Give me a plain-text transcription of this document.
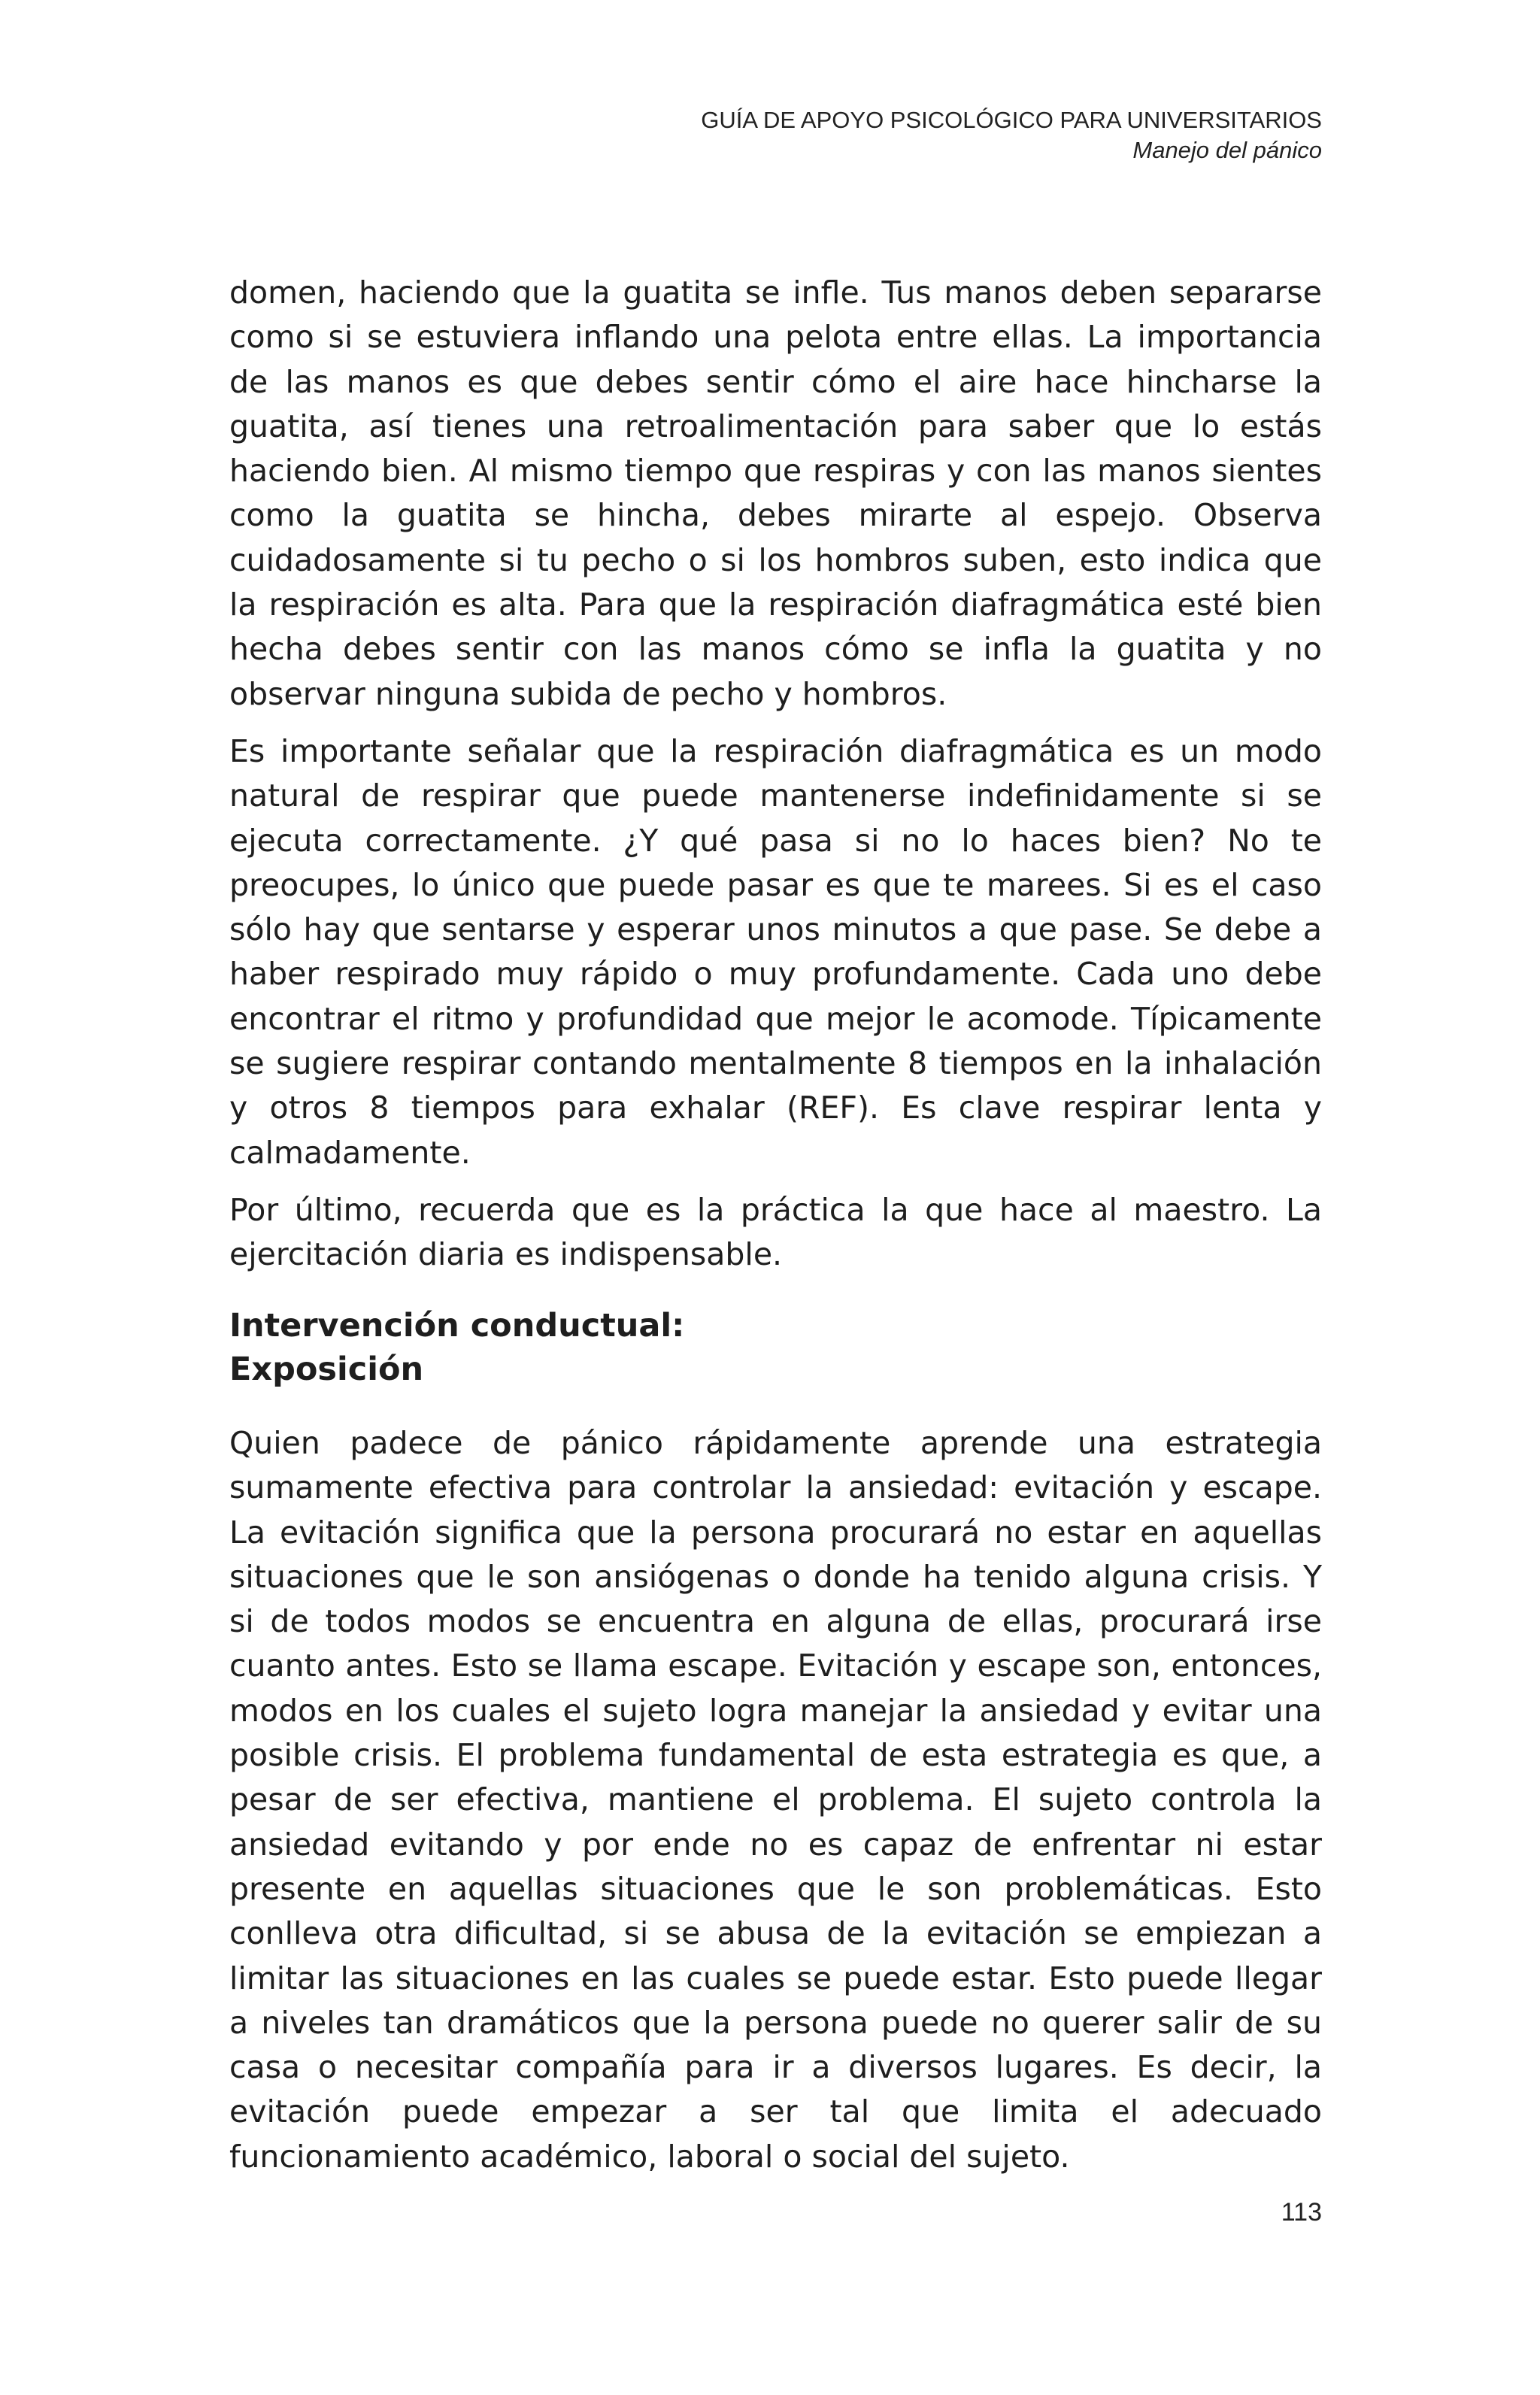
GUÍA DE APOYO PSICOLÓGICO PARA UNIVERSITARIOS
Manejo del pánico

domen, haciendo que la guatita se infle. Tus manos deben separarse como si se estuviera inflando una pelota entre ellas. La importancia de las manos es que debes sentir cómo el aire hace hincharse la guatita, así tienes una retroalimentación para saber que lo estás haciendo bien. Al mismo tiempo que respiras y con las manos sientes como la guatita se hincha, debes mirarte al espejo. Observa cuidadosamente si tu pecho o si los hombros suben, esto indica que la respiración es alta. Para que la respiración diafragmática esté bien hecha debes sentir con las manos cómo se infla la guatita y no observar ninguna subida de pecho y hombros.

Es importante señalar que la respiración diafragmática es un modo natural de respirar que puede mantenerse indefinidamente si se ejecuta correctamente. ¿Y qué pasa si no lo haces bien? No te preocupes, lo único que puede pasar es que te marees. Si es el caso sólo hay que sentarse y esperar unos minutos a que pase. Se debe a haber respirado muy rápido o muy profundamente. Cada uno debe encontrar el ritmo y profundidad que mejor le acomode. Típicamente se sugiere respirar contando mentalmente 8 tiempos en la inhalación y otros 8 tiempos para exhalar (REF). Es clave respirar lenta y calmadamente.

Por último, recuerda que es la práctica la que hace al maestro. La ejercitación diaria es indispensable.

Intervención conductual:
Exposición

Quien padece de pánico rápidamente aprende una estrategia sumamente efectiva para controlar la ansiedad: evitación y escape. La evitación significa que la persona procurará no estar en aquellas situaciones que le son ansiógenas o donde ha tenido alguna crisis. Y si de todos modos se encuentra en alguna de ellas, procurará irse cuanto antes. Esto se llama escape. Evitación y escape son, entonces, modos en los cuales el sujeto logra manejar la ansiedad y evitar una posible crisis. El problema fundamental de esta estrategia es que, a pesar de ser efectiva, mantiene el problema. El sujeto controla la ansiedad evitando y por ende no es capaz de enfrentar ni estar presente en aquellas situaciones que le son problemáticas. Esto conlleva otra dificultad, si se abusa de la evitación se empiezan a limitar las situaciones en las cuales se puede estar. Esto puede llegar a niveles tan dramáticos que la persona puede no querer salir de su casa o necesitar compañía para ir a diversos lugares. Es decir, la evitación puede empezar a ser tal que limita el adecuado funcionamiento académico, laboral o social del sujeto.

113
